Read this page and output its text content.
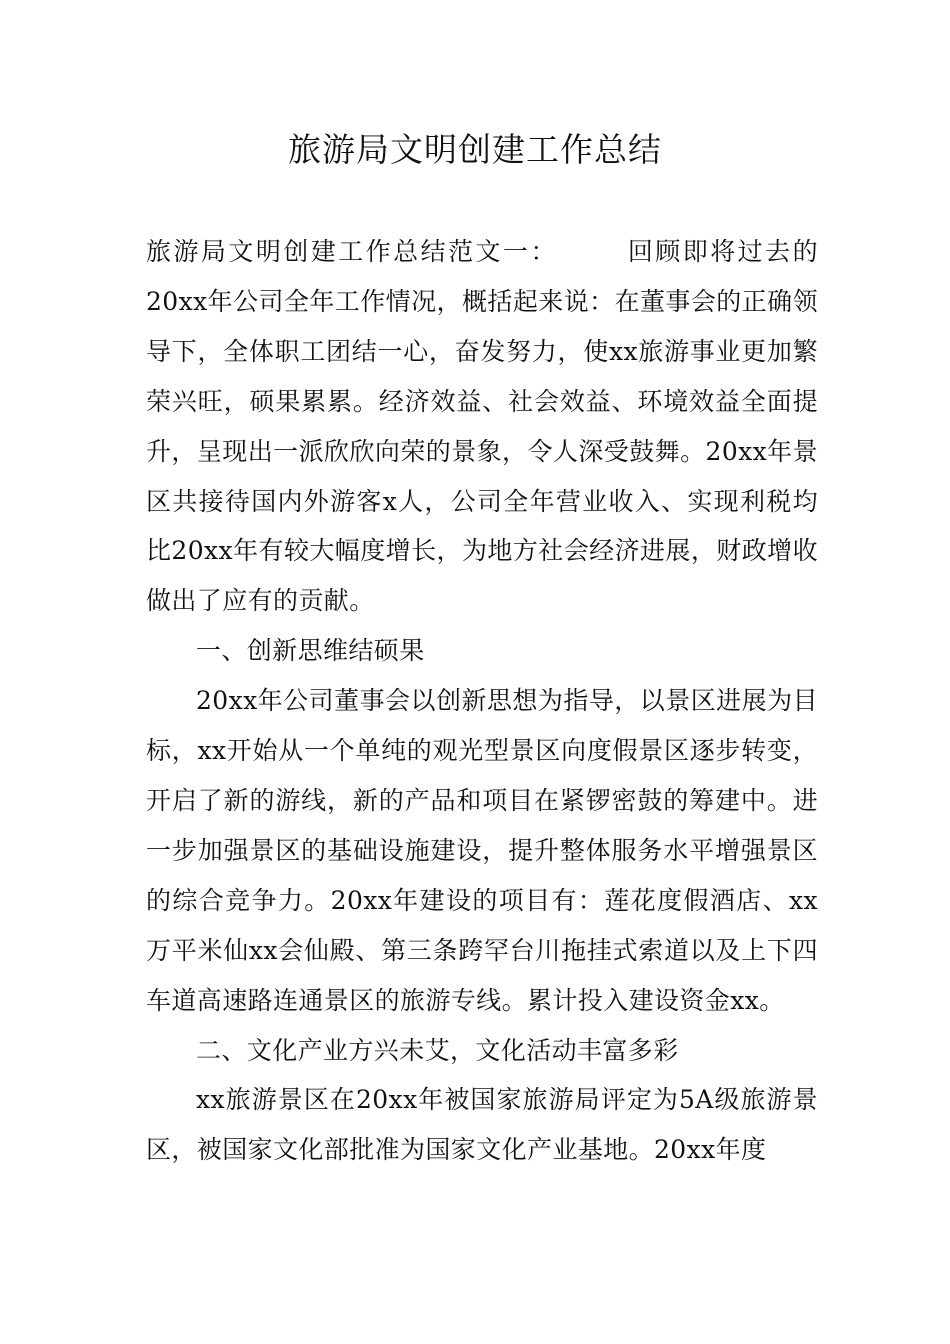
旅游局文明创建工作总结

旅游局文明创建工作总结范文一：　　　回顾即将过去的20xx年公司全年工作情况，概括起来说：在董事会的正确领导下，全体职工团结一心，奋发努力，使xx旅游事业更加繁荣兴旺，硕果累累。经济效益、社会效益、环境效益全面提升，呈现出一派欣欣向荣的景象，令人深受鼓舞。20xx年景区共接待国内外游客x人，公司全年营业收入、实现利税均比20xx年有较大幅度增长，为地方社会经济进展，财政增收做出了应有的贡献。

一、创新思维结硕果

20xx年公司董事会以创新思想为指导，以景区进展为目标，xx开始从一个单纯的观光型景区向度假景区逐步转变，开启了新的游线，新的产品和项目在紧锣密鼓的筹建中。进一步加强景区的基础设施建设，提升整体服务水平增强景区的综合竞争力。20xx年建设的项目有：莲花度假酒店、xx万平米仙xx会仙殿、第三条跨罕台川拖挂式索道以及上下四车道高速路连通景区的旅游专线。累计投入建设资金xx。

二、文化产业方兴未艾，文化活动丰富多彩

xx旅游景区在20xx年被国家旅游局评定为5A级旅游景区，被国家文化部批准为国家文化产业基地。20xx年度
